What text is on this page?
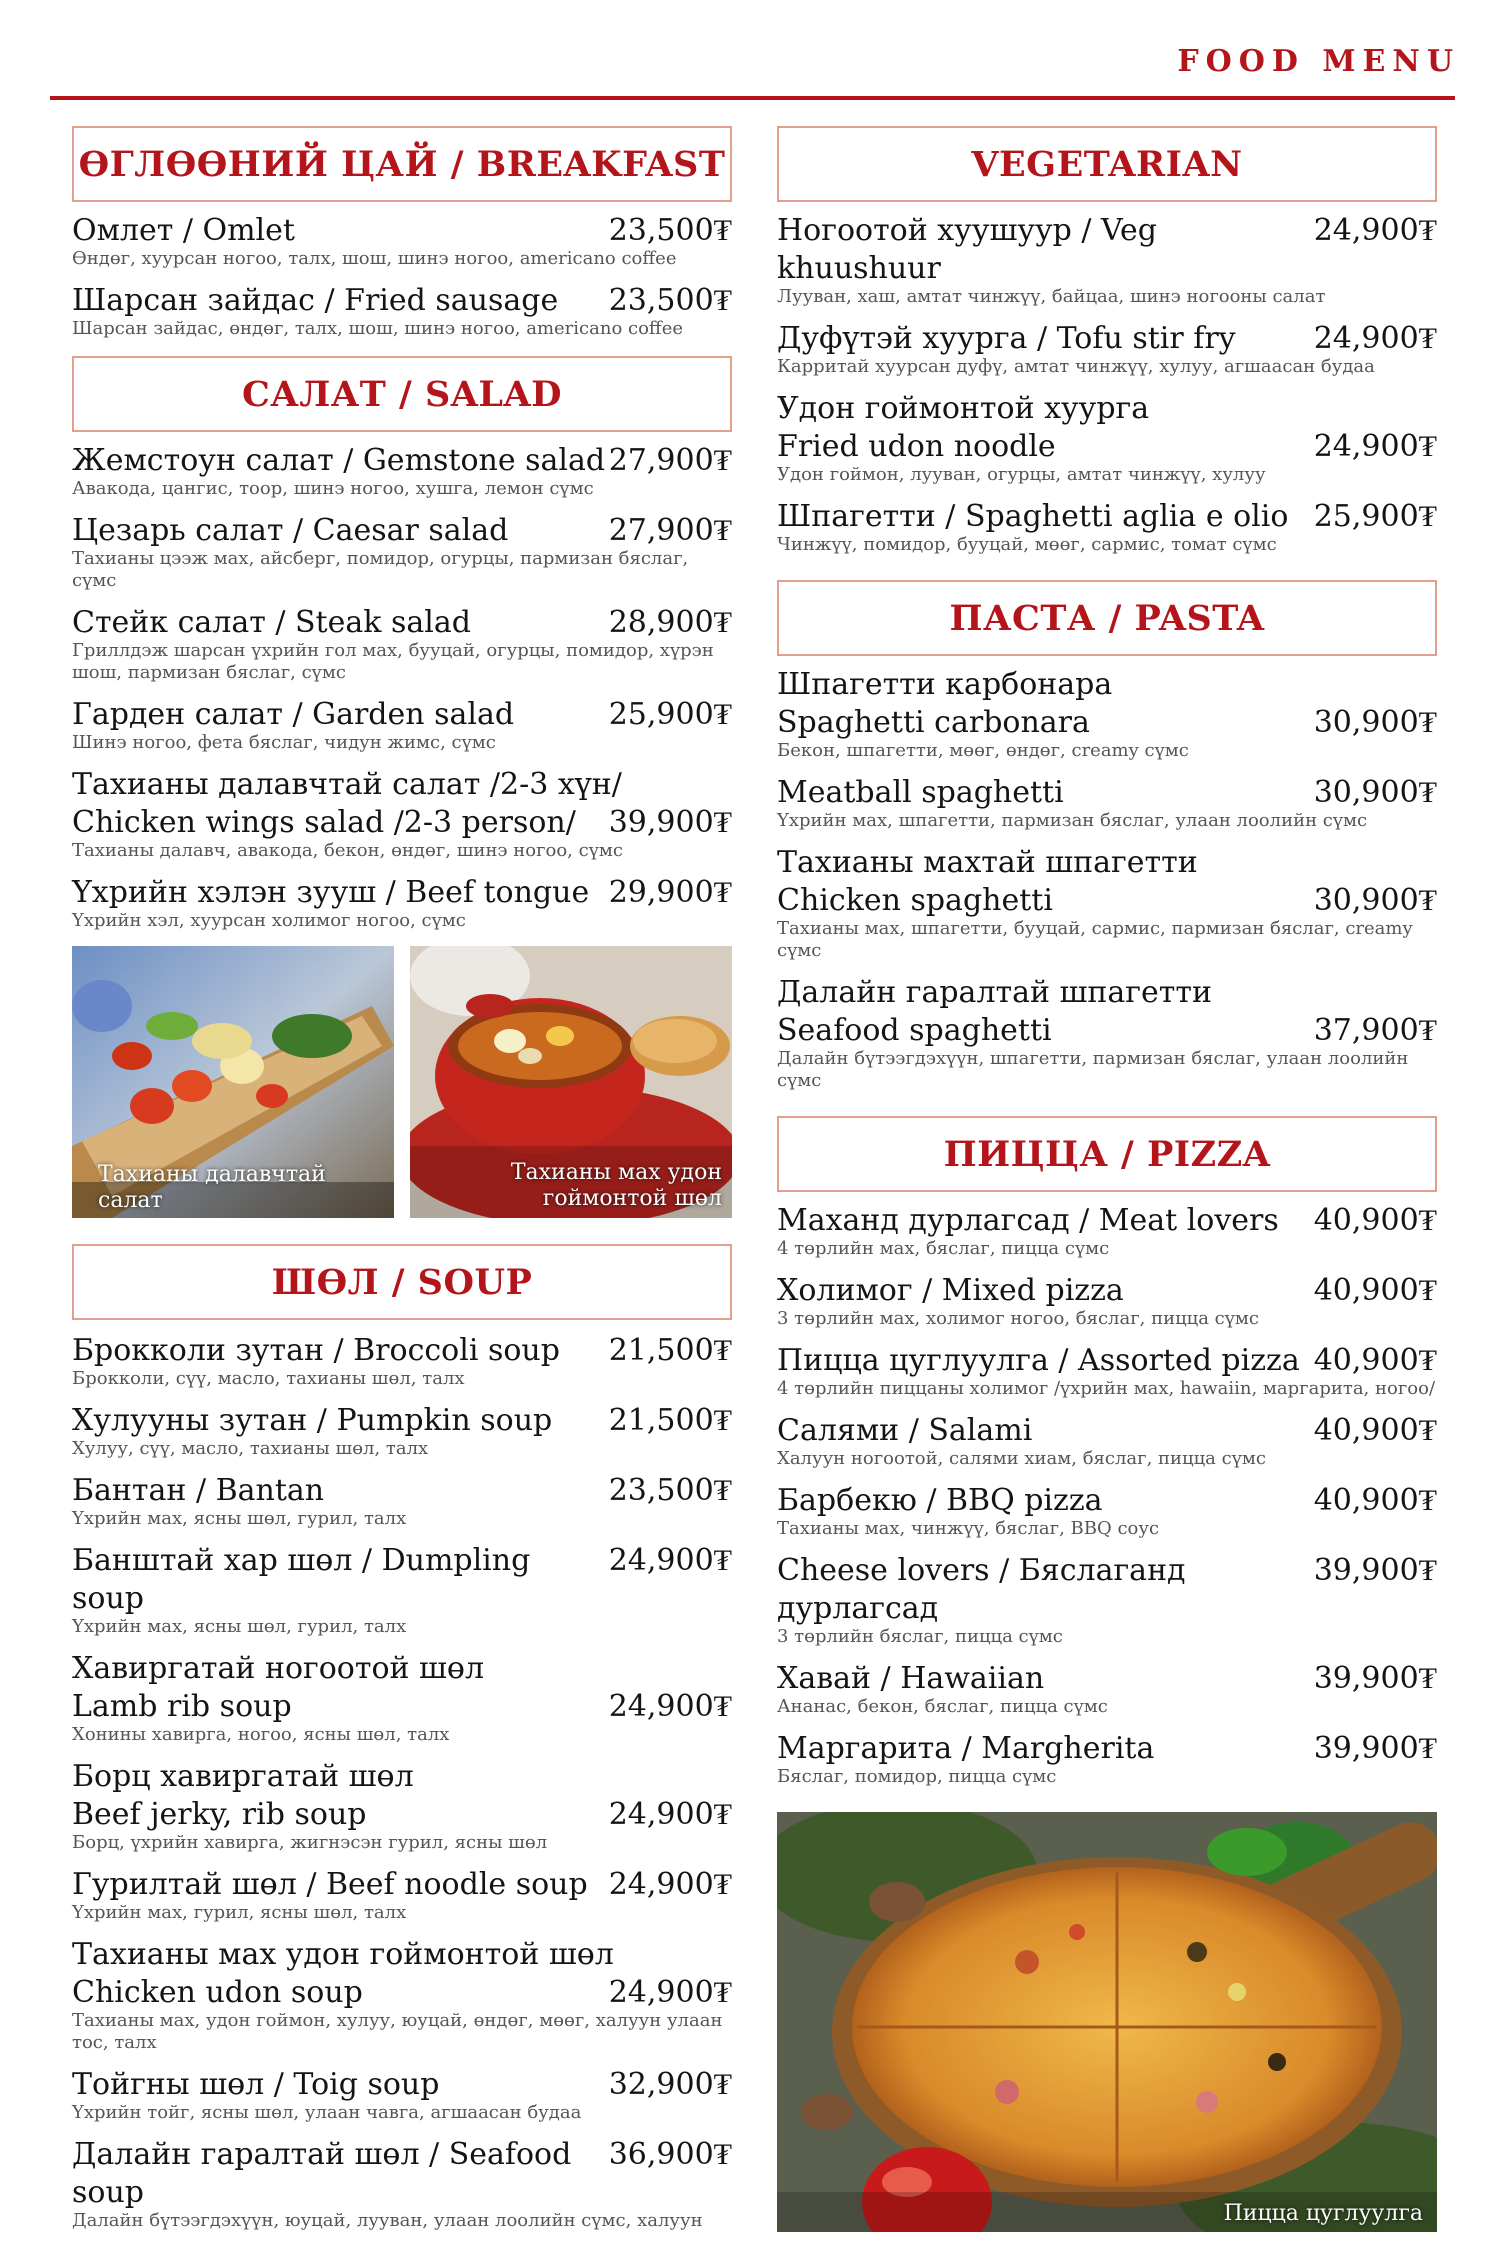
FOOD MENU
ӨГЛӨӨНИЙ ЦАЙ / BREAKFAST
Омлет / Omlet	23,500₮
Өндөг, хуурсан ногоо, талх, шош, шинэ ногоо, americano coffee
Шарсан зайдас / Fried sausage 23,500₮
Шарсан зайдас, өндөг, талх, шош, шинэ ногоо, americano coffee
САЛАТ / SALAD
Жемстоун салат / Gemstone salad 27,900₮
Авакода, цангис, тоор, шинэ ногоо, хушга, лемон сүмс
Цезарь салат / Caesar salad	27,900₮
Тахианы цээж мах, айсберг, помидор, огурцы, пармизан бяслаг, сүмс
Стейк салат / Steak salad	28,900₮
Гриллдэж шарсан үхрийн гол мах, бууцай, огурцы, помидор, хүрэн шош, пармизан бяслаг, сүмс
Гарден салат / Garden salad	25,900₮
Шинэ ногоо, фета бяслаг, чидун жимс, сүмс
Тахианы далавчтай салат /2-3 хүн/
Chicken wings salad /2-3 person/ 39,900₮
Тахианы далавч, авакода, бекон, өндөг, шинэ ногоо, сүмс
Үхрийн хэлэн зууш / Beef tongue 29,900₮
Үхрийн хэл, хуурсан холимог ногоо, сүмс
Тахианы далавчтай салат
Тахианы мах удон
гоймонтой шөл
ШӨЛ / SOUP
Брокколи зутан / Broccoli soup 21,500₮
Брокколи, сүү, масло, тахианы шөл, талх
Хулууны зутан / Pumpkin soup 21,500₮
Хулуу, сүү, масло, тахианы шөл, талх
Бантан / Bantan	23,500₮
Үхрийн мах, ясны шөл, гурил, талх
Банштай хар шөл / Dumpling soup
24,900₮
Үхрийн мах, ясны шөл, гурил, талх
Хавиргатай ногоотой шөл
Lamb rib soup	24,900₮
Хонины хавирга, ногоо, ясны шөл, талх
Борц хавиргатай шөл
Beef jerky, rib soup	24,900₮
Борц, үхрийн хавирга, жигнэсэн гурил, ясны шөл
Гурилтай шөл / Beef noodle soup 24,900₮
Үхрийн мах, гурил, ясны шөл, талх
Тахианы мах удон гоймонтой шөл
Chicken udon soup	24,900₮
Тахианы мах, удон гоймон, хулуу, юуцай, өндөг, мөөг, халуун улаан тос, талх
Тойгны шөл / Toig soup	32,900₮
Үхрийн тойг, ясны шөл, улаан чавга, агшаасан будаа
Далайн гаралтай шөл / Seafood soup
36,900₮
Далайн бүтээгдэхүүн, юуцай, лууван, улаан лоолийн сүмс, халуун
VEGETARIAN
Ногоотой хуушуур / Veg khuushuur
24,900₮
Лууван, хаш, амтат чинжүү, байцаа, шинэ ногооны салат
Дуфүтэй хуурга / Tofu stir fry	24,900₮
Карритай хуурсан дуфү, амтат чинжүү, хулуу, агшаасан будаа
Удон гоймонтой хуурга
Fried udon noodle	24,900₮
Удон гоймон, лууван, огурцы, амтат чинжүү, хулуу
Шпагетти / Spaghetti aglia e olio 25,900₮
Чинжүү, помидор, бууцай, мөөг, сармис, томат сүмс
ПАСТА / PASTA
Шпагетти карбонара
Spaghetti carbonara	30,900₮
Бекон, шпагетти, мөөг, өндөг, creamy сүмс
Meatball spaghetti	30,900₮
Үхрийн мах, шпагетти, пармизан бяслаг, улаан лоолийн сүмс
Тахианы махтай шпагетти
Chicken spaghetti	30,900₮
Тахианы мах, шпагетти, бууцай, сармис, пармизан бяслаг, creamy сүмс
Далайн гаралтай шпагетти
Seafood spaghetti	37,900₮
Далайн бүтээгдэхүүн, шпагетти, пармизан бяслаг, улаан лоолийн сүмс
ПИЦЦА / PIZZA
Маханд дурлагсад / Meat lovers 40,900₮
4 төрлийн мах, бяслаг, пицца сүмс
Холимог / Mixed pizza	40,900₮
3 төрлийн мах, холимог ногоо, бяслаг, пицца сүмс
Пицца цуглуулга / Assorted pizza 40,900₮
4 төрлийн пиццаны холимог /үхрийн мах, hawaiin, маргарита, ногоо/
Салями / Salami	40,900₮
Халуун ногоотой, салями хиам, бяслаг, пицца сүмс
Барбекю / BBQ pizza	40,900₮
Тахианы мах, чинжүү, бяслаг, BBQ соус
Cheese lovers / Бяслаганд дурлагсад
39,900₮
3 төрлийн бяслаг, пицца сүмс
Хавай / Hawaiian	39,900₮
Ананас, бекон, бяслаг, пицца сүмс
Маргарита / Margherita	39,900₮
Бяслаг, помидор, пицца сүмс
Пицца цуглуулга
